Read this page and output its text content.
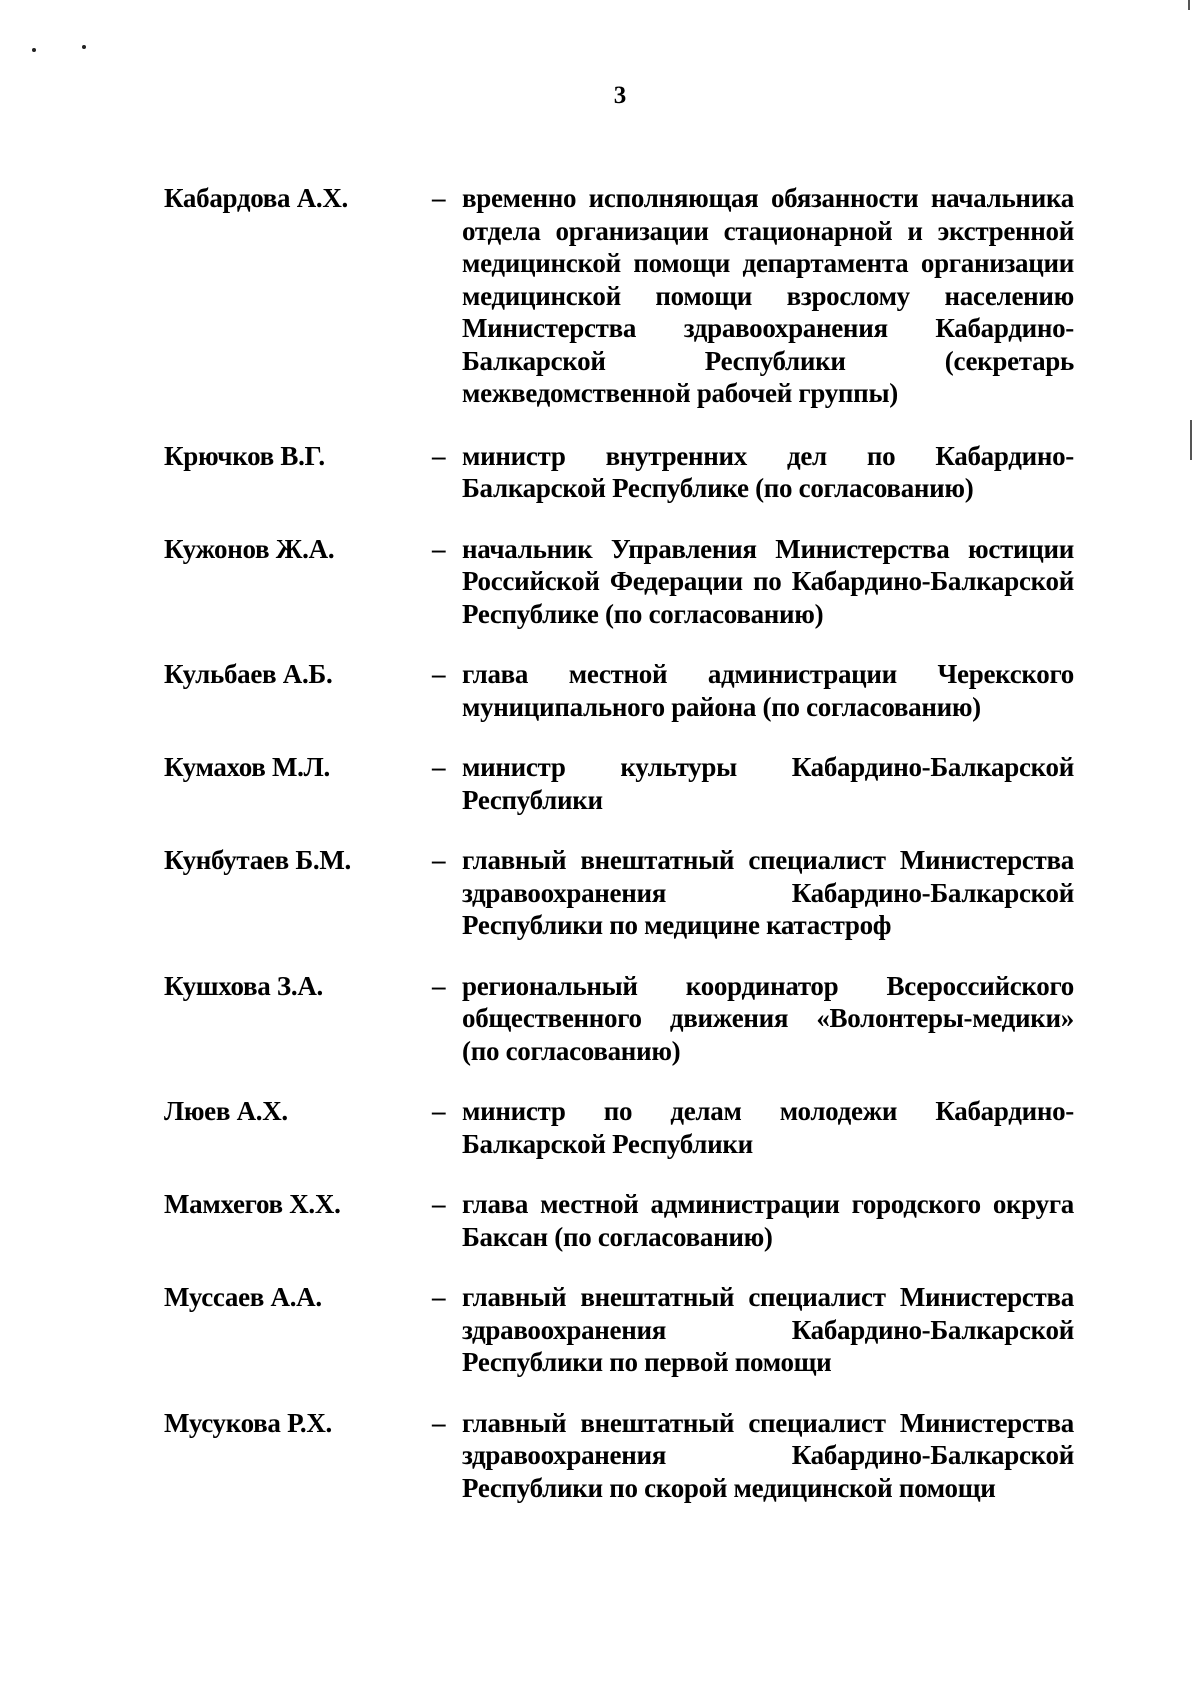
3
Кабардова А.Х.	– временно исполняющая обязанности начальника отдела организации стационарной и экстренной медицинской помощи департамента организации медицинской помощи взрослому населению Министерства здравоохранения Кабардино-Балкарской Республики (секретарь межведомственной рабочей группы)
Крючков В.Г.	– министр внутренних дел по Кабардино-Балкарской Республике (по согласованию)
Кужонов Ж.А.	– начальник Управления Министерства юстиции Российской Федерации по Кабардино-Балкарской Республике (по согласованию)
Кульбаев А.Б.	– глава местной администрации Черекского муниципального района (по согласованию)
Кумахов М.Л.	– министр культуры Кабардино-Балкарской Республики
Кунбутаев Б.М.	– главный внештатный специалист Министерства здравоохранения Кабардино-Балкарской Республики по медицине катастроф
Кушхова З.А.	– региональный координатор Всероссийского общественного движения «Волонтеры-медики» (по согласованию)
Люев А.Х.	– министр по делам молодежи Кабардино-Балкарской Республики
Мамхегов Х.Х.	– глава местной администрации городского округа Баксан (по согласованию)
Муссаев А.А.	– главный внештатный специалист Министерства здравоохранения Кабардино-Балкарской Республики по первой помощи
Мусукова Р.Х.	– главный внештатный специалист Министерства здравоохранения Кабардино-Балкарской Республики по скорой медицинской помощи
